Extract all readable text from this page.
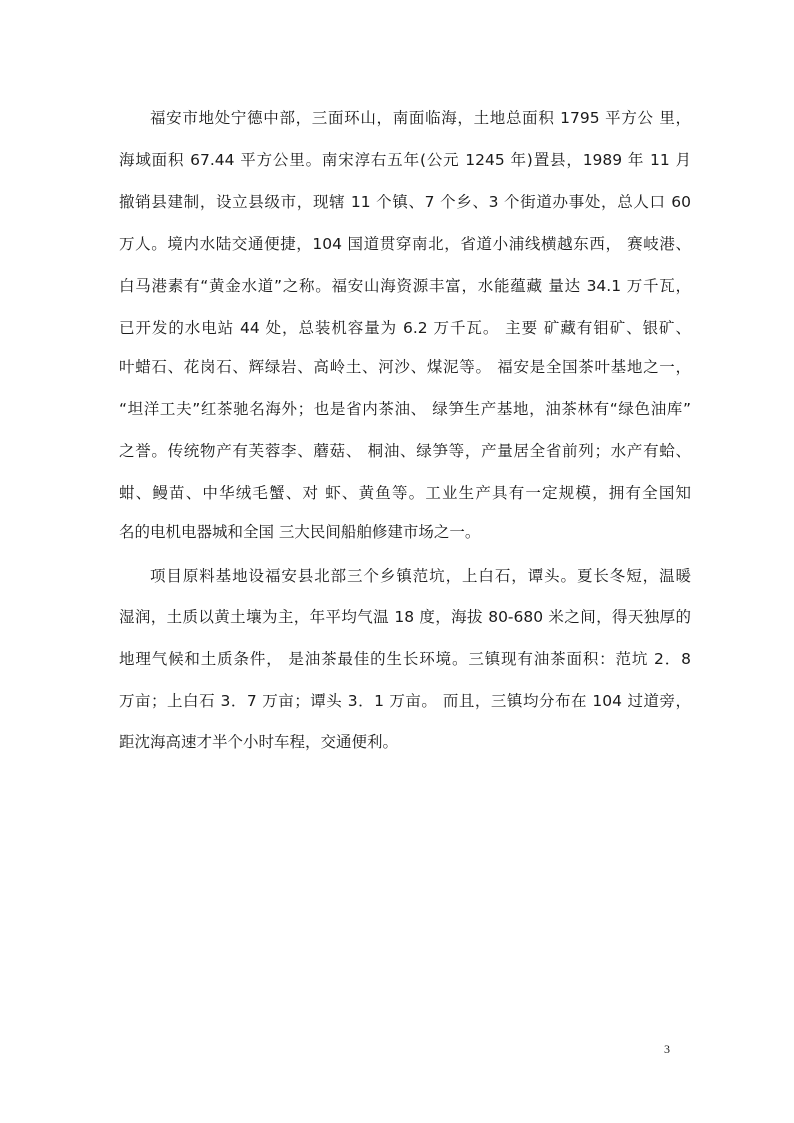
福安市地处宁德中部，三面环山，南面临海，土地总面积 1795 平方公 里，
海域面积 67.44 平方公里。南宋淳右五年(公元 1245 年)置县，1989 年 11 月
撤销县建制，设立县级市，现辖 11 个镇、7 个乡、3 个街道办事处，总人口 60
万人。境内水陆交通便捷，104 国道贯穿南北，省道小浦线横越东西， 赛岐港、
白马港素有“黄金水道”之称。福安山海资源丰富，水能蕴藏 量达 34.1 万千瓦，
已开发的水电站 44 处，总装机容量为 6.2 万千瓦。 主要 矿藏有钼矿、银矿、
叶蜡石、花岗石、辉绿岩、高岭土、河沙、煤泥等。 福安是全国茶叶基地之一，
“坦洋工夫”红茶驰名海外；也是省内茶油、 绿笋生产基地，油茶林有“绿色油库”
之誉。传统物产有芙蓉李、蘑菇、 桐油、绿笋等，产量居全省前列；水产有蛤、
蚶、鳗苗、中华绒毛蟹、对 虾、黄鱼等。工业生产具有一定规模，拥有全国知
名的电机电器城和全国 三大民间船舶修建市场之一。
项目原料基地设福安县北部三个乡镇范坑，上白石，谭头。夏长冬短，温暖
湿润，土质以黄土壤为主，年平均气温 18 度，海拔 80-680 米之间，得天独厚的
地理气候和土质条件， 是油茶最佳的生长环境。三镇现有油茶面积：范坑 2．8
万亩；上白石 3．7 万亩；谭头 3．1 万亩。 而且，三镇均分布在 104 过道旁，
距沈海高速才半个小时车程，交通便利。
3
